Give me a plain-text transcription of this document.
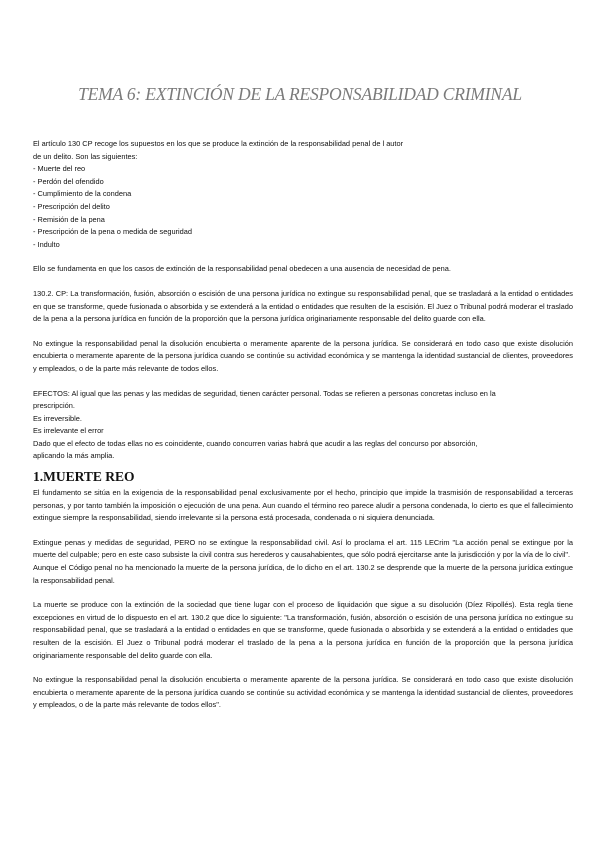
TEMA 6: EXTINCIÓN DE LA RESPONSABILIDAD CRIMINAL
El artículo 130 CP recoge los supuestos en los que se produce la extinción de la responsabilidad penal de l autor
de un delito. Son las siguientes:
- Muerte del reo
- Perdón del ofendido
- Cumplimiento de la condena
- Prescripción del delito
- Remisión de la pena
- Prescripción de la pena o medida de seguridad
- Indulto

Ello se fundamenta en que los casos de extinción de la responsabilidad penal obedecen a una ausencia de necesidad de pena.

130.2. CP: La transformación, fusión, absorción o escisión de una persona jurídica no extingue su responsabilidad penal, que se trasladará a la entidad o entidades en que se transforme, quede fusionada o absorbida y se extenderá a la entidad o entidades que resulten de la escisión. El Juez o Tribunal podrá moderar el traslado de la pena a la persona jurídica en función de la proporción que la persona jurídica originariamente responsable del delito guarde con ella.

No extingue la responsabilidad penal la disolución encubierta o meramente aparente de la persona jurídica. Se considerará en todo caso que existe disolución encubierta o meramente aparente de la persona jurídica cuando se continúe su actividad económica y se mantenga la identidad sustancial de clientes, proveedores y empleados, o de la parte más relevante de todos ellos.

EFECTOS: Al igual que las penas y las medidas de seguridad, tienen carácter personal. Todas se refieren a personas concretas incluso en la
prescripción.
Es irreversible.
Es irrelevante el error
Dado que el efecto de todas ellas no es coincidente, cuando concurren varias habrá que acudir a las reglas del concurso por absorción,
aplicando la más amplia.
1.MUERTE REO

El fundamento se sitúa en la exigencia de la responsabilidad penal exclusivamente por el hecho, principio que impide la trasmisión de responsabilidad a terceras personas, y por tanto también la imposición o ejecución de una pena. Aun cuando el término reo parece aludir a persona condenada, lo cierto es que el fallecimiento extingue siempre la responsabilidad, siendo irrelevante si la persona está procesada, condenada o ni siquiera denunciada.

Extingue penas y medidas de seguridad, PERO no se extingue la responsabilidad civil. Así lo proclama el art. 115 LECrim "La acción penal se extingue por la muerte del culpable; pero en este caso subsiste la civil contra sus herederos y causahabientes, que sólo podrá ejercitarse ante la jurisdicción y por la vía de lo civil".

Aunque el Código penal no ha mencionado la muerte de la persona jurídica, de lo dicho en el art. 130.2 se desprende que la muerte de la persona jurídica extingue la responsabilidad penal.

La muerte se produce con la extinción de la sociedad que tiene lugar con el proceso de liquidación que sigue a su disolución (Díez Ripollés). Esta regla tiene excepciones en virtud de lo dispuesto en el art. 130.2 que dice lo siguiente: "La transformación, fusión, absorción o escisión de una persona jurídica no extingue su responsabilidad penal, que se trasladará a la entidad o entidades en que se transforme, quede fusionada o absorbida y se extenderá a la entidad o entidades que resulten de la escisión. El Juez o Tribunal podrá moderar el traslado de la pena a la persona jurídica en función de la proporción que la persona jurídica originariamente responsable del delito guarde con ella.

No extingue la responsabilidad penal la disolución encubierta o meramente aparente de la persona jurídica. Se considerará en todo caso que existe disolución encubierta o meramente aparente de la persona jurídica cuando se continúe su actividad económica y se mantenga la identidad sustancial de clientes, proveedores y empleados, o de la parte más relevante de todos ellos".
